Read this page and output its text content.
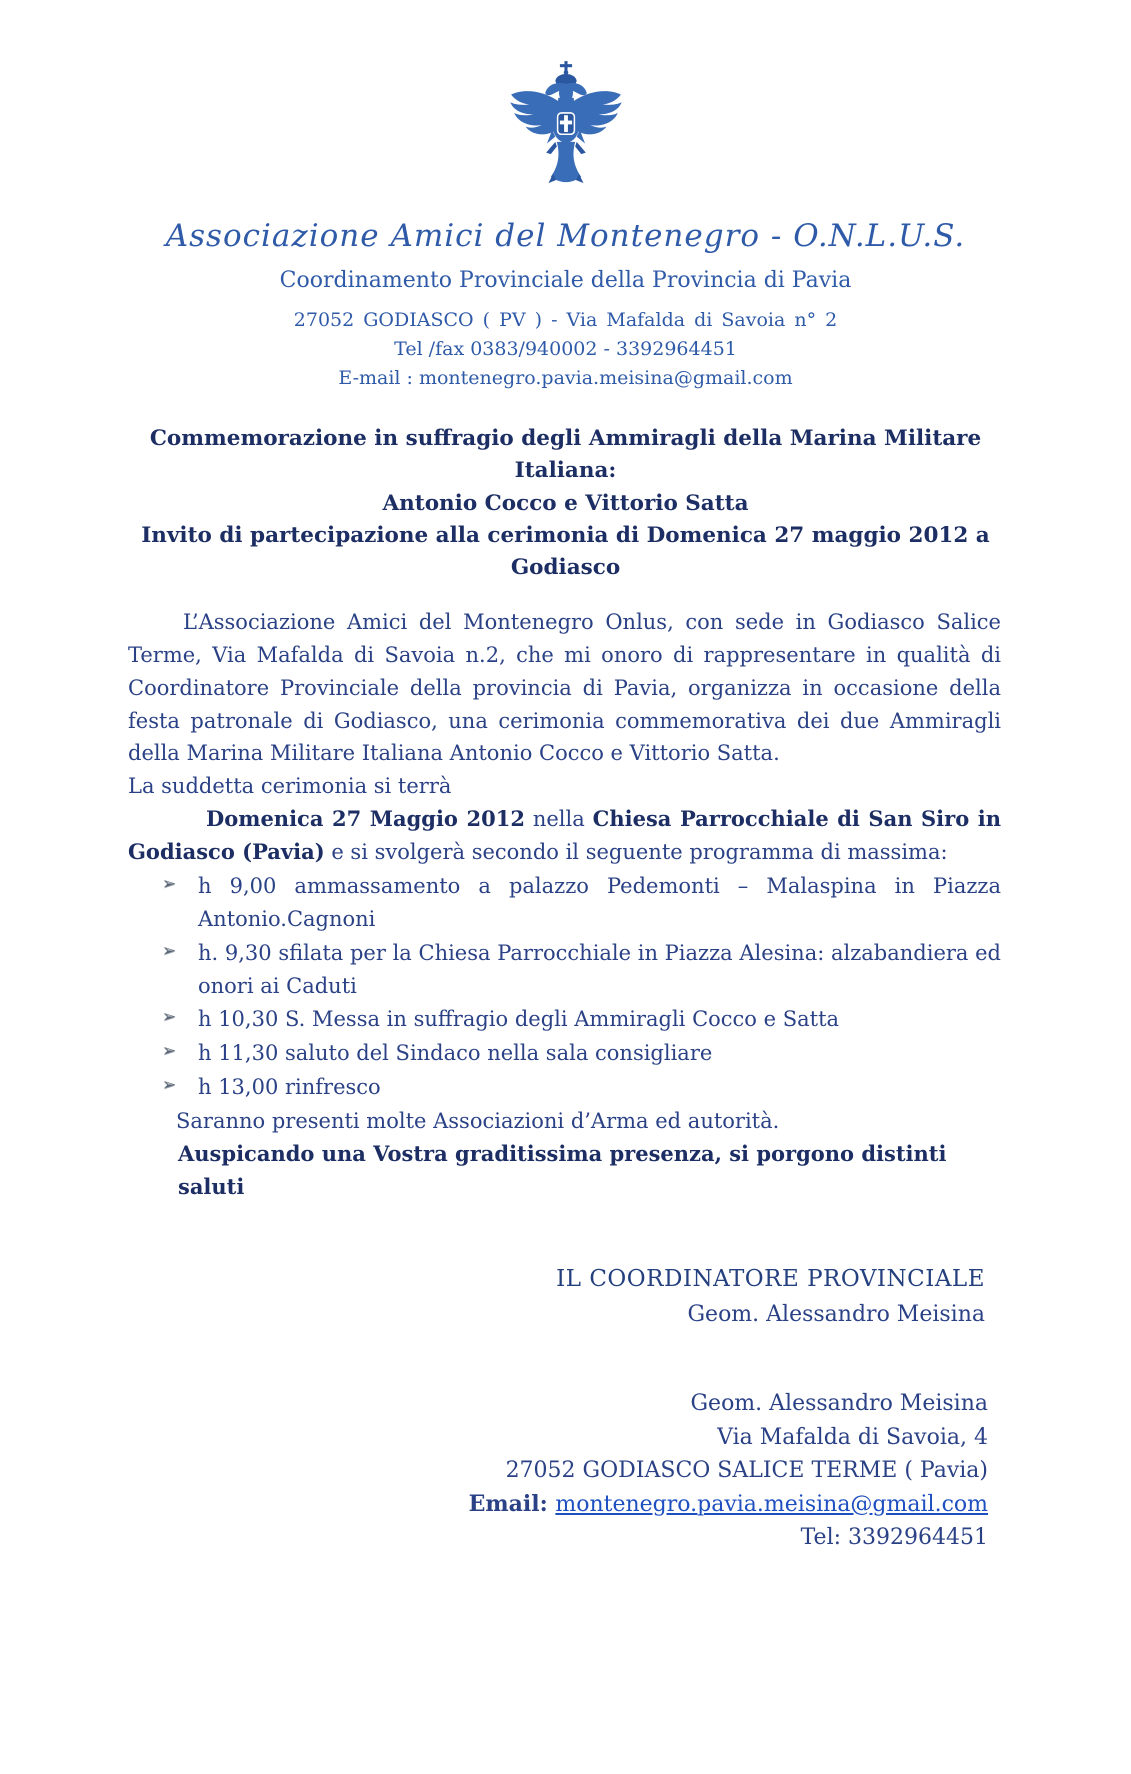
Associazione Amici del Montenegro - O.N.L.U.S.
Coordinamento Provinciale della Provincia di Pavia
27052 GODIASCO ( PV ) - Via Mafalda di Savoia n° 2
Tel /fax 0383/940002 - 3392964451
E-mail : montenegro.pavia.meisina@gmail.com
Commemorazione in suffragio degli Ammiragli della Marina Militare Italiana:
Antonio Cocco e Vittorio Satta
Invito di partecipazione alla cerimonia di Domenica 27 maggio 2012 a Godiasco

L’Associazione Amici del Montenegro Onlus, con sede in Godiasco Salice Terme, Via Mafalda di Savoia n.2, che mi onoro di rappresentare in qualità di Coordinatore Provinciale della provincia di Pavia, organizza in occasione della festa patronale di Godiasco, una cerimonia commemorativa dei due Ammiragli della Marina Militare Italiana Antonio Cocco e Vittorio Satta.

La suddetta cerimonia si terrà

Domenica 27 Maggio 2012 nella Chiesa Parrocchiale di San Siro in Godiasco (Pavia) e si svolgerà secondo il seguente programma di massima:

➢ h 9,00 ammassamento a palazzo Pedemonti – Malaspina in Piazza Antonio.Cagnoni
➢ h. 9,30 sfilata per la Chiesa Parrocchiale in Piazza Alesina: alzabandiera ed onori ai Caduti
➢ h 10,30 S. Messa in suffragio degli Ammiragli Cocco e Satta
➢ h 11,30 saluto del Sindaco nella sala consigliare
➢ h 13,00 rinfresco

Saranno presenti molte Associazioni d’Arma ed autorità.

Auspicando una Vostra graditissima presenza, si porgono distinti saluti

IL COORDINATORE PROVINCIALE
Geom. Alessandro Meisina

Geom. Alessandro Meisina

Via Mafalda di Savoia, 4

27052 GODIASCO SALICE TERME ( Pavia)

Email: montenegro.pavia.meisina@gmail.com

Tel: 3392964451
